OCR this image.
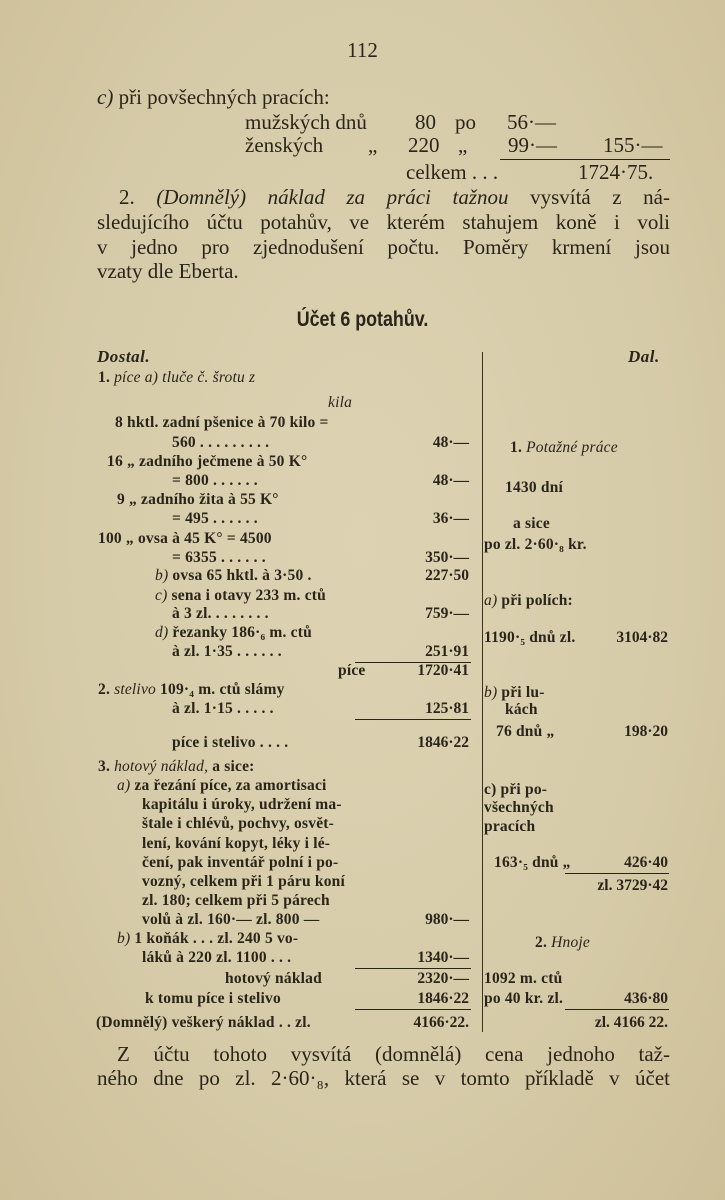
112
c) při povšechných pracích:
mužských dnů 80 po 56·—
ženských „ 220 „ 99·— 155·—
celkem . . .	1724·75.
2. (Domnělý) náklad za práci tažnou vysvítá z ná-
sledujícího účtu potahův, ve kterém stahujem koně i voli
v jedno pro zjednodušení počtu. Poměry krmení jsou
vzaty dle Eberta.
Účet 6 potahův.
Dostal.	Dal.
1. píce a) tluče č. šrotu z
kila
8 hktl. zadní pšenice à 70 kilo =
560 . . . . . . . . .	48·—
16 „ zadního ječmene à 50 K°
= 800 . . . . . .	48·—
9 „ zadního žita à 55 K°
= 495 . . . . . .	36·—
100 „ ovsa à 45 K° = 4500
= 6355 . . . . . .	350·—
b) ovsa 65 hktl. à 3·50 .	227·50
c) sena i otavy 233 m. ctů
à 3 zl. . . . . . . .	759·—
d) řezanky 186·₆ m. ctů
à zl. 1·35 . . . . . .	251·91
píce	1720·41
2. stelivo 109·₄ m. ctů slámy
à zl. 1·15 . . . . .	125·81
píce i stelivo . . . .	1846·22
3. hotový náklad, a sice:
a) za řezání píce, za amortisaci
kapitálu i úroky, udržení ma-
štale i chlévů, pochvy, osvět-
lení, kování kopyt, léky i lé-
čení, pak inventář polní i po-
vozný, celkem při 1 páru koní
zl. 180; celkem při 5 párech
volů à zl. 160·— zl. 800 —	980·—
b) 1 koňák . . . zl. 240 5 vo-
láků à 220 zl. 1100 . . .	1340·—
hotový náklad	2320·—
k tomu píce i stelivo	1846·22
(Domnělý) veškerý náklad . . zl.	4166·22.
1. Potažné práce
1430 dní
a sice
po zl. 2·60·₈ kr.
a) při polích:
1190·₅ dnů zl.	3104·82
b) při lu-
kách
76 dnů „	198·20
c) při po-
všechných
pracích
163·₅ dnů „	426·40
zl. 3729·42
2. Hnoje
1092 m. ctů
po 40 kr. zl.	436·80
zl. 4166 22.
Z účtu tohoto vysvítá (domnělá) cena jednoho taž-
ného dne po zl. 2·60·₈, která se v tomto příkladě v účet
